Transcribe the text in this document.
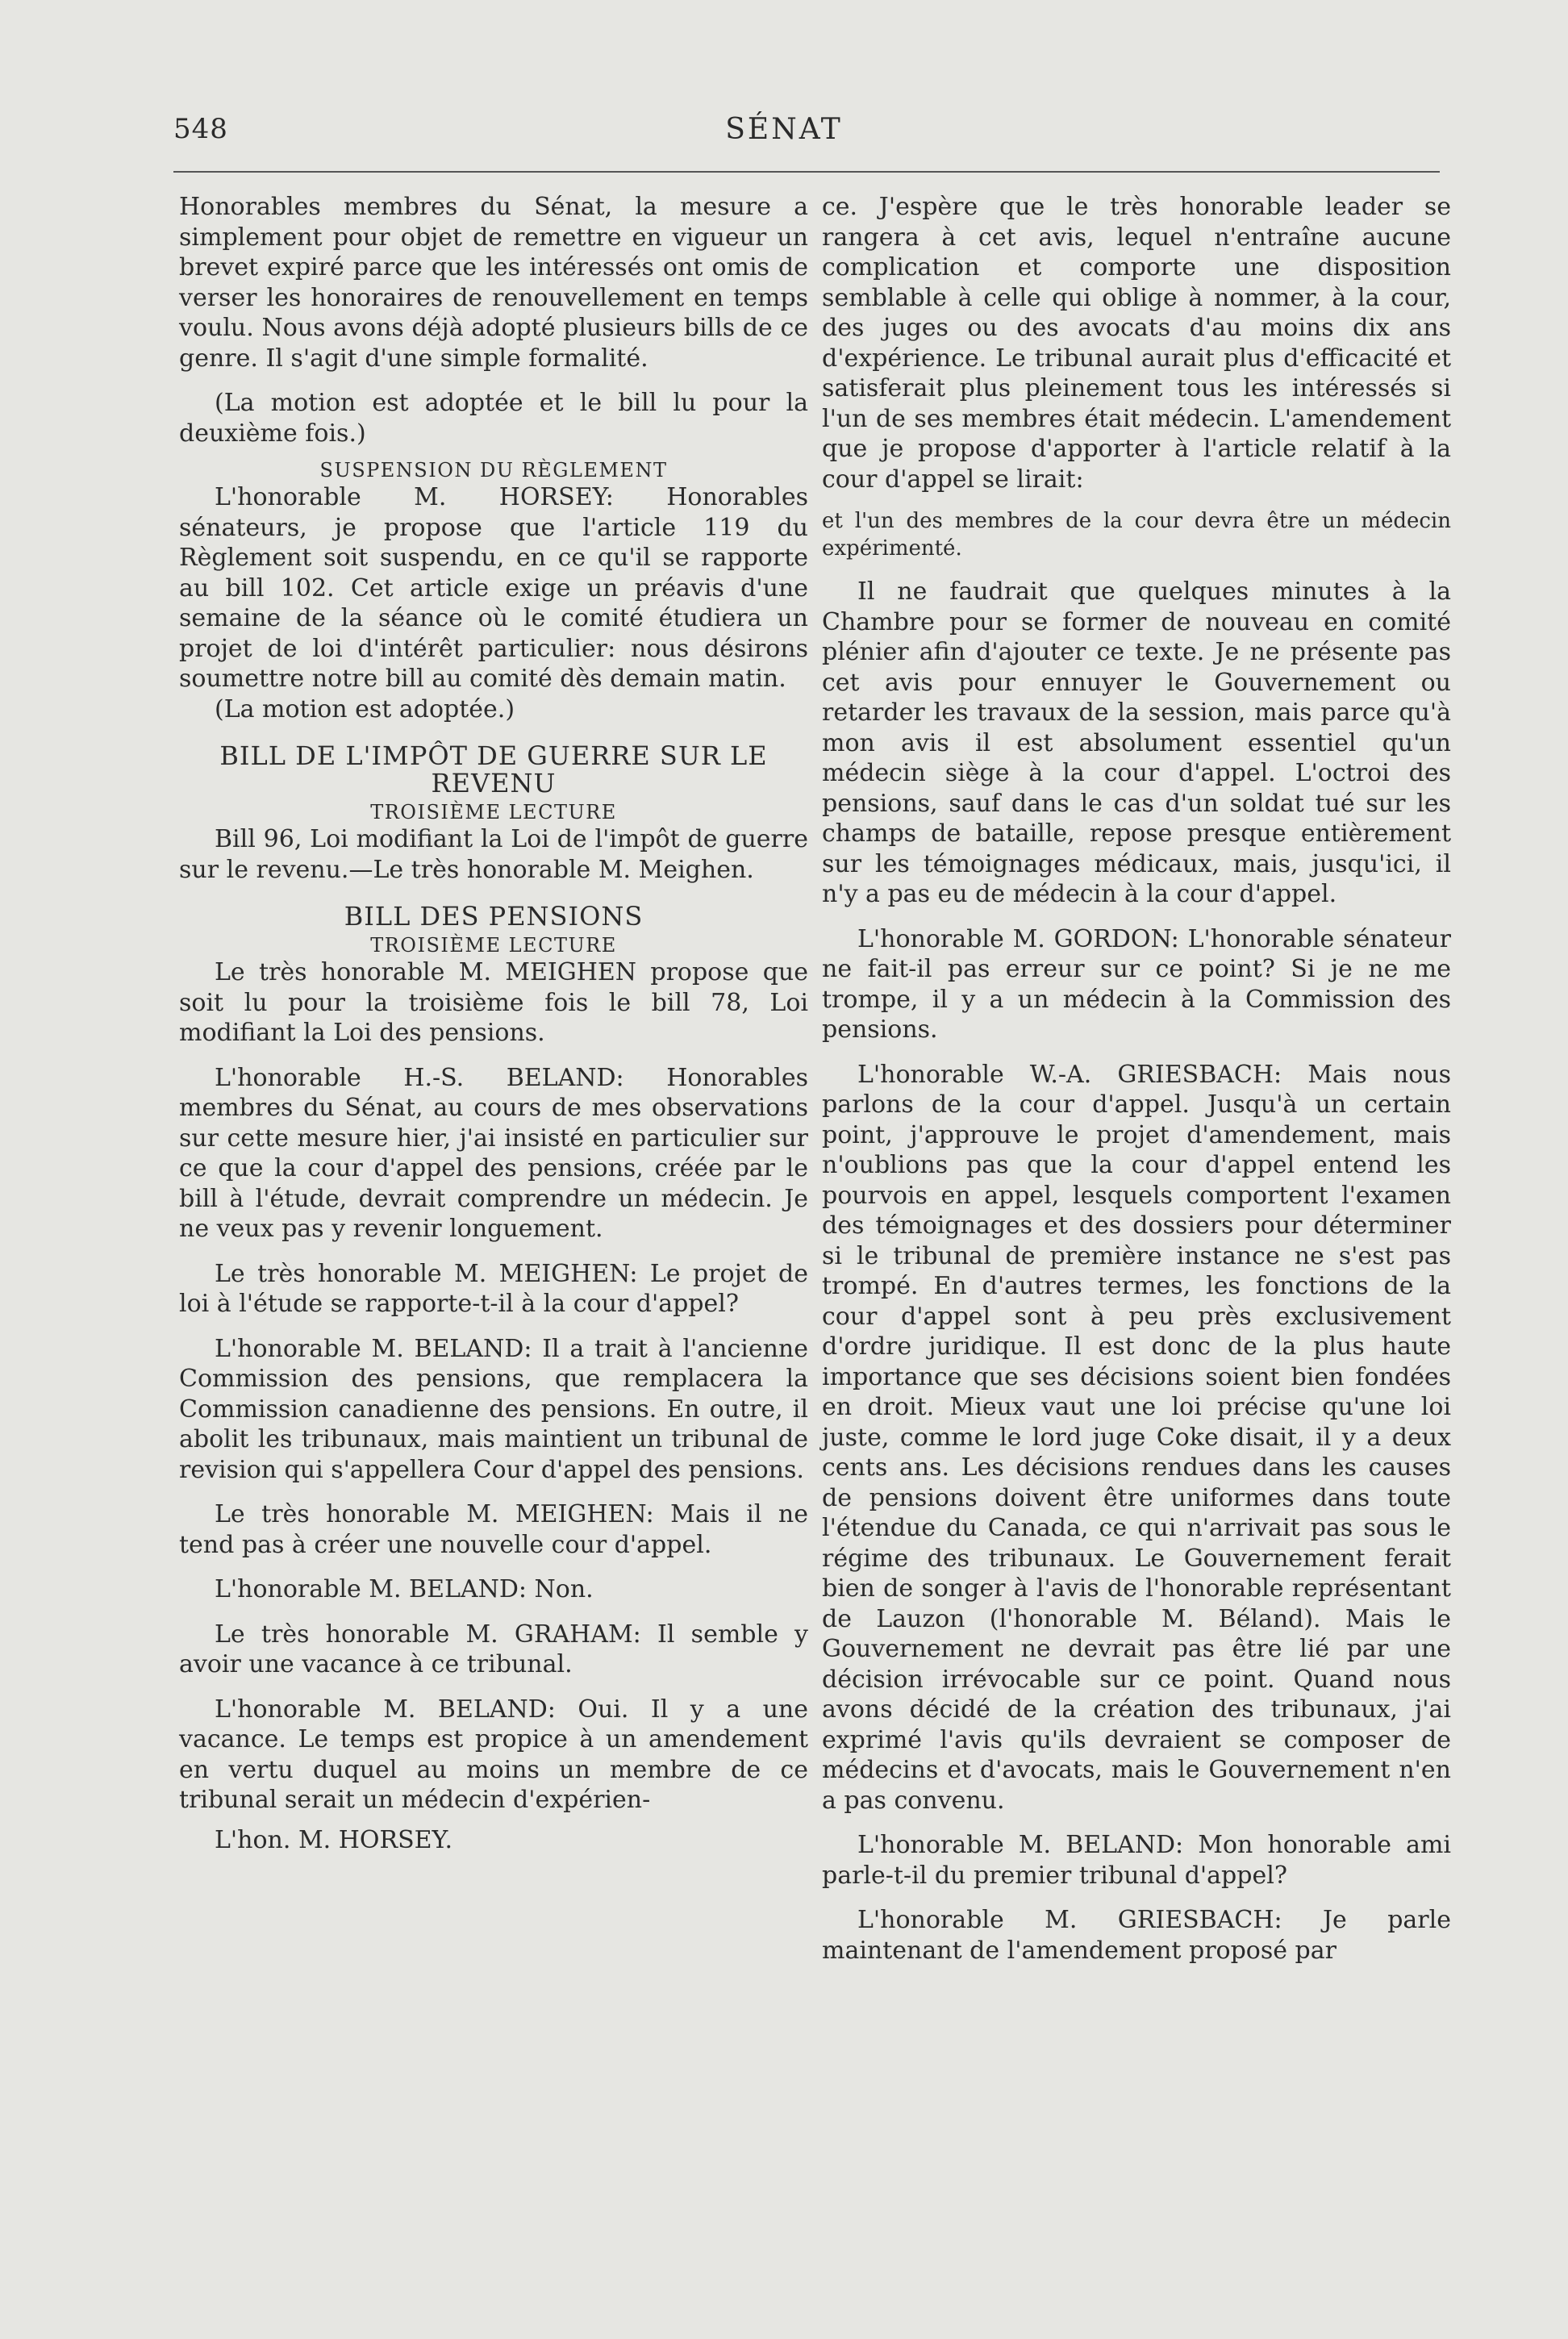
548	SÉNAT

Honorables membres du Sénat, la mesure a simplement pour objet de remettre en vigueur un brevet expiré parce que les intéressés ont omis de verser les honoraires de renouvellement en temps voulu. Nous avons déjà adopté plusieurs bills de ce genre. Il s'agit d'une simple formalité.

(La motion est adoptée et le bill lu pour la deuxième fois.)

SUSPENSION DU RÈGLEMENT

L'honorable M. HORSEY: Honorables sénateurs, je propose que l'article 119 du Règlement soit suspendu, en ce qu'il se rapporte au bill 102. Cet article exige un préavis d'une semaine de la séance où le comité étudiera un projet de loi d'intérêt particulier: nous désirons soumettre notre bill au comité dès demain matin.

(La motion est adoptée.)

BILL DE L'IMPÔT DE GUERRE SUR LE REVENU
TROISIÈME LECTURE

Bill 96, Loi modifiant la Loi de l'impôt de guerre sur le revenu.—Le très honorable M. Meighen.

BILL DES PENSIONS
TROISIÈME LECTURE

Le très honorable M. MEIGHEN propose que soit lu pour la troisième fois le bill 78, Loi modifiant la Loi des pensions.

L'honorable H.-S. BELAND: Honorables membres du Sénat, au cours de mes observations sur cette mesure hier, j'ai insisté en particulier sur ce que la cour d'appel des pensions, créée par le bill à l'étude, devrait comprendre un médecin. Je ne veux pas y revenir longuement.

Le très honorable M. MEIGHEN: Le projet de loi à l'étude se rapporte-t-il à la cour d'appel?

L'honorable M. BELAND: Il a trait à l'ancienne Commission des pensions, que remplacera la Commission canadienne des pensions. En outre, il abolit les tribunaux, mais maintient un tribunal de revision qui s'appellera Cour d'appel des pensions.

Le très honorable M. MEIGHEN: Mais il ne tend pas à créer une nouvelle cour d'appel.

L'honorable M. BELAND: Non.

Le très honorable M. GRAHAM: Il semble y avoir une vacance à ce tribunal.

L'honorable M. BELAND: Oui. Il y a une vacance. Le temps est propice à un amendement en vertu duquel au moins un membre de ce tribunal serait un médecin d'expérien-

L'hon. M. HORSEY.

ce. J'espère que le très honorable leader se rangera à cet avis, lequel n'entraîne aucune complication et comporte une disposition semblable à celle qui oblige à nommer, à la cour, des juges ou des avocats d'au moins dix ans d'expérience. Le tribunal aurait plus d'efficacité et satisferait plus pleinement tous les intéressés si l'un de ses membres était médecin. L'amendement que je propose d'apporter à l'article relatif à la cour d'appel se lirait:

et l'un des membres de la cour devra être un médecin expérimenté.

Il ne faudrait que quelques minutes à la Chambre pour se former de nouveau en comité plénier afin d'ajouter ce texte. Je ne présente pas cet avis pour ennuyer le Gouvernement ou retarder les travaux de la session, mais parce qu'à mon avis il est absolument essentiel qu'un médecin siège à la cour d'appel. L'octroi des pensions, sauf dans le cas d'un soldat tué sur les champs de bataille, repose presque entièrement sur les témoignages médicaux, mais, jusqu'ici, il n'y a pas eu de médecin à la cour d'appel.

L'honorable M. GORDON: L'honorable sénateur ne fait-il pas erreur sur ce point? Si je ne me trompe, il y a un médecin à la Commission des pensions.

L'honorable W.-A. GRIESBACH: Mais nous parlons de la cour d'appel. Jusqu'à un certain point, j'approuve le projet d'amendement, mais n'oublions pas que la cour d'appel entend les pourvois en appel, lesquels comportent l'examen des témoignages et des dossiers pour déterminer si le tribunal de première instance ne s'est pas trompé. En d'autres termes, les fonctions de la cour d'appel sont à peu près exclusivement d'ordre juridique. Il est donc de la plus haute importance que ses décisions soient bien fondées en droit. Mieux vaut une loi précise qu'une loi juste, comme le lord juge Coke disait, il y a deux cents ans. Les décisions rendues dans les causes de pensions doivent être uniformes dans toute l'étendue du Canada, ce qui n'arrivait pas sous le régime des tribunaux. Le Gouvernement ferait bien de songer à l'avis de l'honorable représentant de Lauzon (l'honorable M. Béland). Mais le Gouvernement ne devrait pas être lié par une décision irrévocable sur ce point. Quand nous avons décidé de la création des tribunaux, j'ai exprimé l'avis qu'ils devraient se composer de médecins et d'avocats, mais le Gouvernement n'en a pas convenu.

L'honorable M. BELAND: Mon honorable ami parle-t-il du premier tribunal d'appel?

L'honorable M. GRIESBACH: Je parle maintenant de l'amendement proposé par
